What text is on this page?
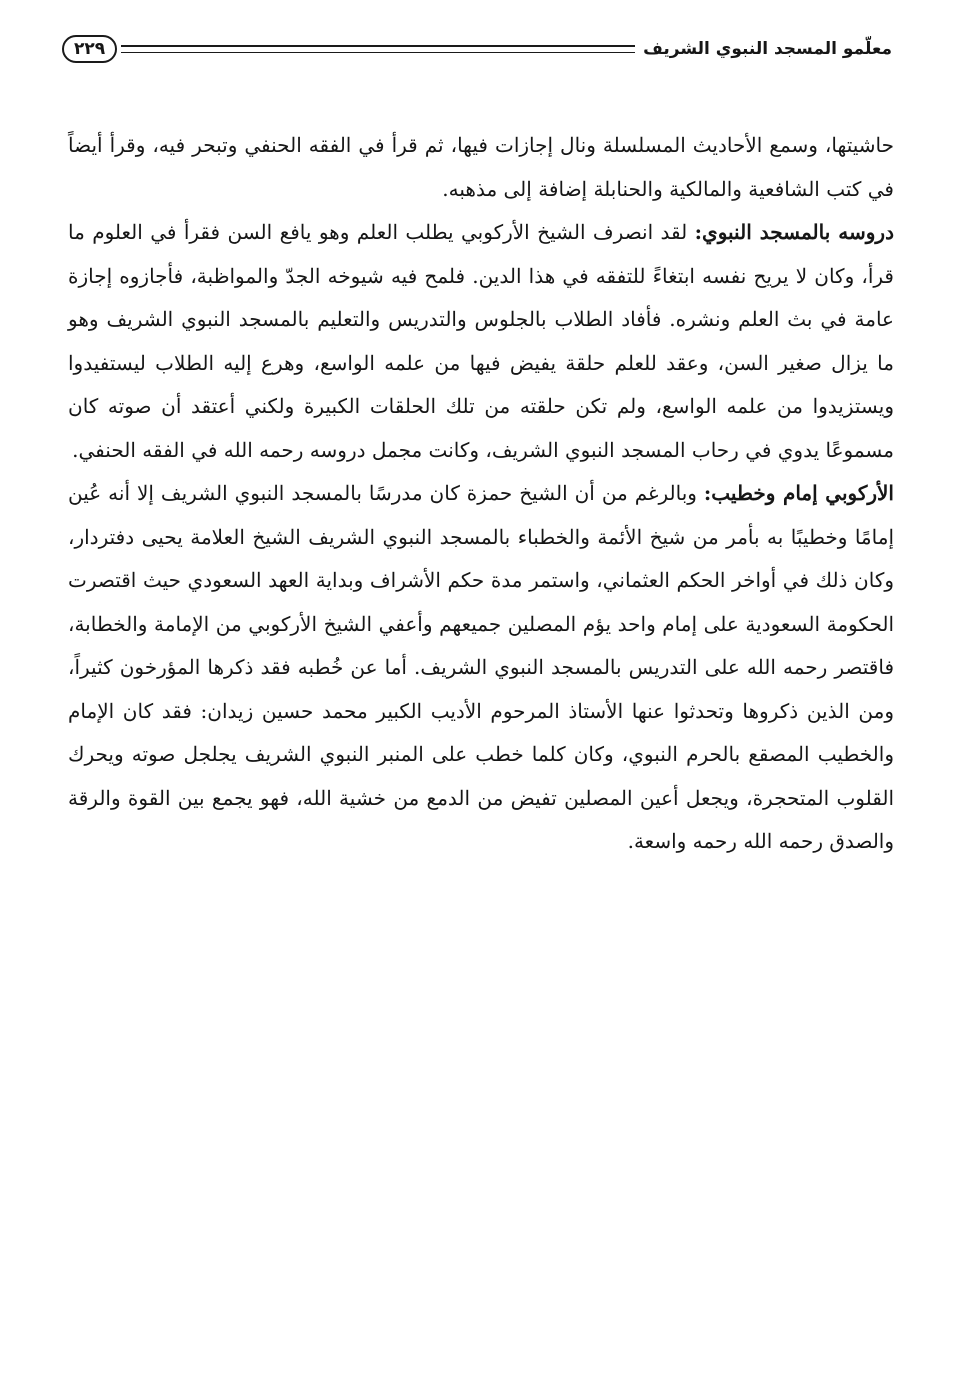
معلّمو المسجد النبوي الشريف
٢٢٩

حاشيتها، وسمع الأحاديث المسلسلة ونال إجازات فيها، ثم قرأ في الفقه الحنفي وتبحر فيه، وقرأ أيضاً في كتب الشافعية والمالكية والحنابلة إضافة إلى مذهبه.

دروسه بالمسجد النبوي: لقد انصرف الشيخ الأركوبي يطلب العلم وهو يافع السن فقرأ في العلوم ما قرأ، وكان لا يريح نفسه ابتغاءً للتفقه في هذا الدين. فلمح فيه شيوخه الجدّ والمواظبة، فأجازوه إجازة عامة في بث العلم ونشره. فأفاد الطلاب بالجلوس والتدريس والتعليم بالمسجد النبوي الشريف وهو ما يزال صغير السن، وعقد للعلم حلقة يفيض فيها من علمه الواسع، وهرع إليه الطلاب ليستفيدوا ويستزيدوا من علمه الواسع، ولم تكن حلقته من تلك الحلقات الكبيرة ولكني أعتقد أن صوته كان مسموعًا يدوي في رحاب المسجد النبوي الشريف، وكانت مجمل دروسه رحمه الله في الفقه الحنفي.

الأركوبي إمام وخطيب: وبالرغم من أن الشيخ حمزة كان مدرسًا بالمسجد النبوي الشريف إلا أنه عُين إمامًا وخطيبًا به بأمر من شيخ الأئمة والخطباء بالمسجد النبوي الشريف الشيخ العلامة يحيى دفتردار، وكان ذلك في أواخر الحكم العثماني، واستمر مدة حكم الأشراف وبداية العهد السعودي حيث اقتصرت الحكومة السعودية على إمام واحد يؤم المصلين جميعهم وأعفي الشيخ الأركوبي من الإمامة والخطابة، فاقتصر رحمه الله على التدريس بالمسجد النبوي الشريف. أما عن خُطبه فقد ذكرها المؤرخون كثيراً، ومن الذين ذكروها وتحدثوا عنها الأستاذ المرحوم الأديب الكبير محمد حسين زيدان: فقد كان الإمام والخطيب المصقع بالحرم النبوي، وكان كلما خطب على المنبر النبوي الشريف يجلجل صوته ويحرك القلوب المتحجرة، ويجعل أعين المصلين تفيض من الدمع من خشية الله، فهو يجمع بين القوة والرقة والصدق رحمه الله رحمه واسعة.
